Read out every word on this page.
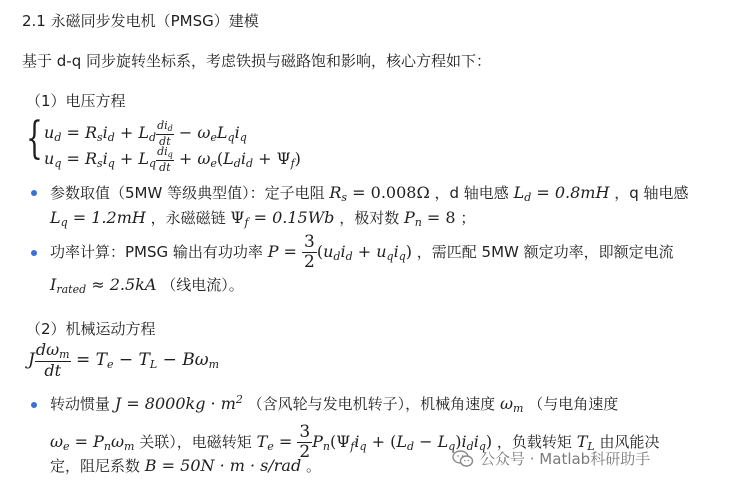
2.1 永磁同步发电机（PMSG）建模
基于 d-q 同步旋转坐标系，考虑铁损与磁路饱和影响，核心方程如下：
（1）电压方程
{ $u_d = R_si_d + L_d \frac{di_d}{dt} - \omega_eL_qi_q$
$u_q = R_si_q + L_q \frac{di_q}{dt} + \omega_e(L_di_d + \Psi_f)$
参数取值（5MW 等级典型值）：定子电阻 $R_s = 0.008\Omega$ ，d 轴电感 $L_d = 0.8mH$ ，q 轴电感
$L_q = 1.2mH$ ，永磁磁链 $\Psi_f = 0.15Wb$ ，极对数 $P_n = 8$ ；
功率计算：PMSG 输出有功功率 $P = \frac{3}{2} (u_di_d + u_qi_q)$ ，需匹配 5MW 额定功率，即额定电流
$I_{rated} \approx 2.5kA$ （线电流）。
（2）机械运动方程
J $\frac{d\omega_m}{dt} = T_e - T_L - B\omega_m$
转动惯量 $J = 8000kg \cdot m^2$ （含风轮与发电机转子），机械角速度 $\omega_m$ （与电角速度
$\omega_e = P_n\omega_m$ 关联），电磁转矩 $T_e = \frac{3}{2} P_n(\Psi_fi_q + (L_d - L_q)i_di_q)$ ，负载转矩 $T_L$ 由风能决
定，阻尼系数 B = 50N · m · s/rad 。	公众号 · Matlab科研助手
